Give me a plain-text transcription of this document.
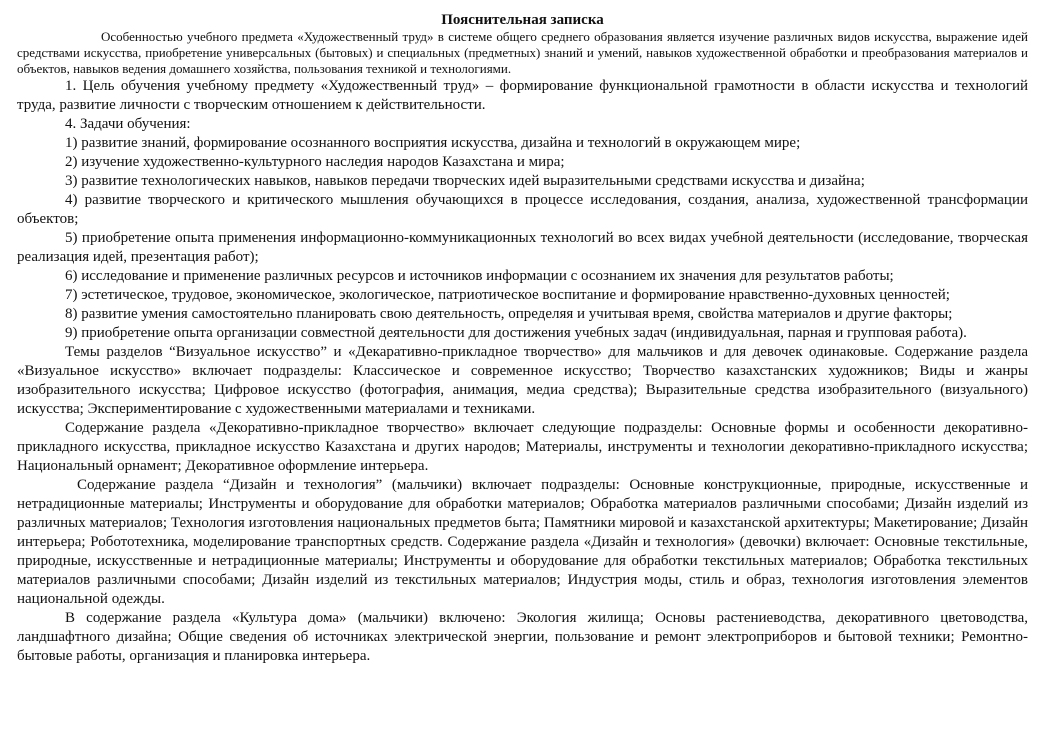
Пояснительная записка

Особенностью учебного предмета «Художественный труд» в системе общего среднего образования является изучение различных видов искусства, выражение идей средствами искусства, приобретение универсальных (бытовых) и специальных (предметных) знаний и умений, навыков художественной обработки и преобразования материалов и объектов, навыков ведения домашнего хозяйства, пользования техникой и технологиями.

1. Цель обучения учебному предмету «Художественный труд» – формирование функциональной грамотности в области искусства и технологий труда, развитие личности с творческим отношением к действительности.

4. Задачи обучения:

1) развитие знаний, формирование осознанного восприятия искусства, дизайна и технологий в окружающем мире;

2) изучение художественно-культурного наследия народов Казахстана и мира;

3) развитие технологических навыков, навыков передачи творческих идей выразительными средствами искусства и дизайна;

4) развитие творческого и критического мышления обучающихся в процессе исследования, создания, анализа, художественной трансформации объектов;

5) приобретение опыта применения информационно-коммуникационных технологий во всех видах учебной деятельности (исследование, творческая реализация идей, презентация работ);

6) исследование и применение различных ресурсов и источников информации с осознанием их значения для результатов работы;

7) эстетическое, трудовое, экономическое, экологическое, патриотическое воспитание и формирование нравственно-духовных ценностей;

8) развитие умения самостоятельно планировать свою деятельность, определяя и учитывая время, свойства материалов и другие факторы;

9) приобретение опыта организации совместной деятельности для достижения учебных задач (индивидуальная, парная и групповая работа).

Темы разделов “Визуальное искусство” и «Декаративно-прикладное творчество» для мальчиков и для девочек одинаковые. Содержание раздела «Визуальное искусство» включает подразделы: Классическое и современное искусство; Творчество казахстанских художников; Виды и жанры изобразительного искусства; Цифровое искусство (фотография, анимация, медиа средства); Выразительные средства изобразительного (визуального) искусства; Экспериментирование с художественными материалами и техниками.

Содержание раздела «Декоративно-прикладное творчество» включает следующие подразделы: Основные формы и особенности декоративно- прикладного искусства, прикладное искусство Казахстана и других народов; Материалы, инструменты и технологии декоративно-прикладного искусства; Национальный орнамент; Декоративное оформление интерьера.

Содержание раздела “Дизайн и технология” (мальчики) включает подразделы: Основные конструкционные, природные, искусственные и нетрадиционные материалы; Инструменты и оборудование для обработки материалов; Обработка материалов различными способами; Дизайн изделий из различных материалов; Технология изготовления национальных предметов быта; Памятники мировой и казахстанской архитектуры; Макетирование; Дизайн интерьера; Робототехника, моделирование транспортных средств. Содержание раздела «Дизайн и технология» (девочки) включает: Основные текстильные, природные, искусственные и нетрадиционные материалы; Инструменты и оборудование для обработки текстильных материалов; Обработка текстильных материалов различными способами; Дизайн изделий из текстильных материалов; Индустрия моды, стиль и образ, технология изготовления элементов национальной одежды.

В содержание раздела «Культура дома» (мальчики) включено: Экология жилища; Основы растениеводства, декоративного цветоводства, ландшафтного дизайна; Общие сведения об источниках электрической энергии, пользование и ремонт электроприборов и бытовой техники; Ремонтно-бытовые работы, организация и планировка интерьера.
